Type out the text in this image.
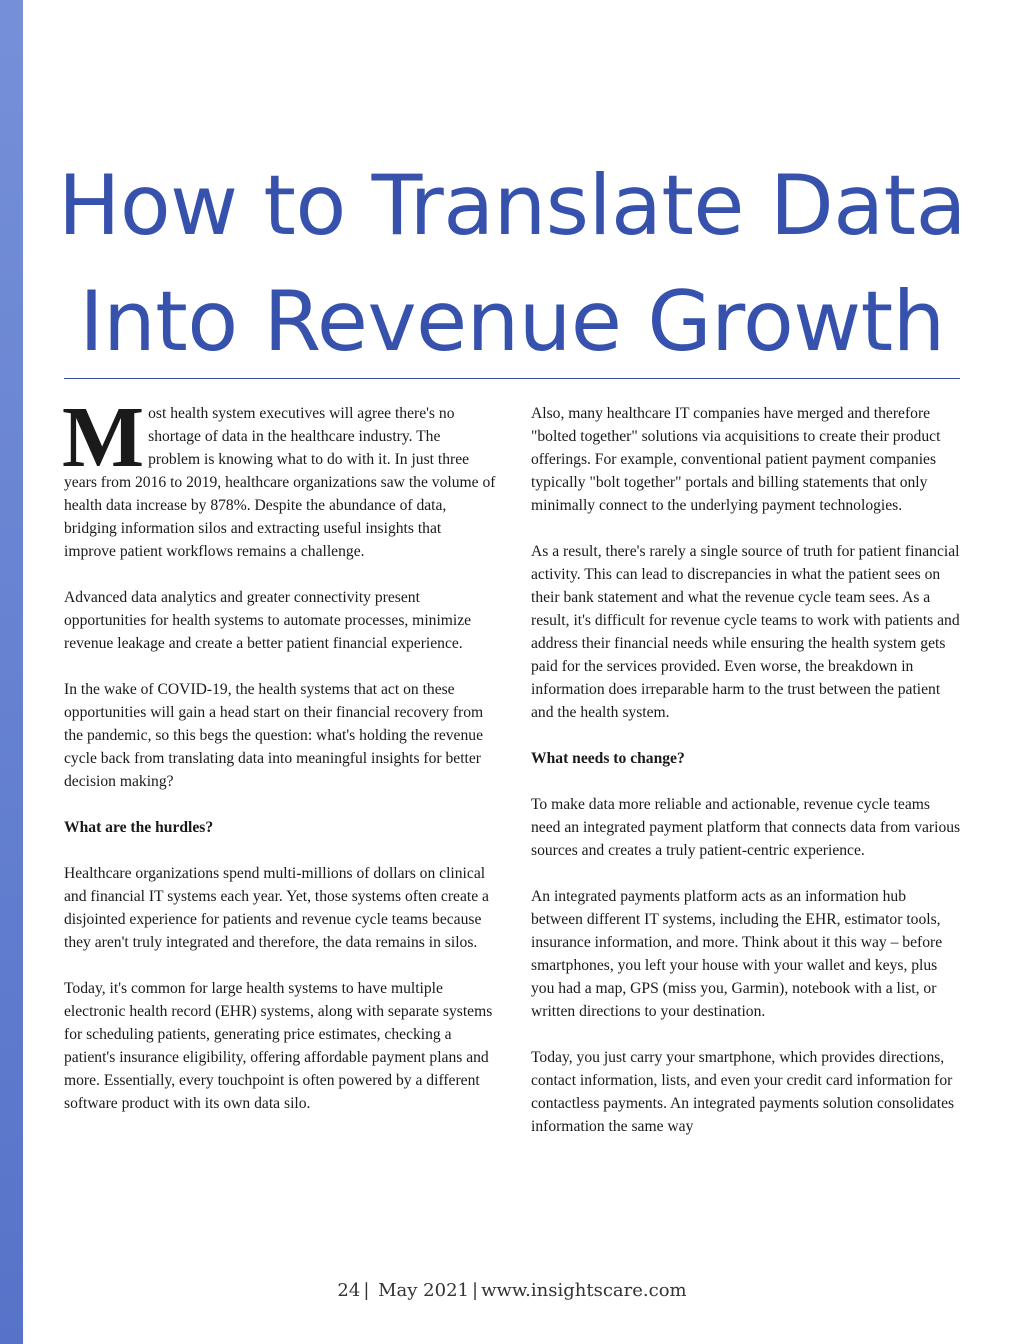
How to Translate Data
Into Revenue Growth

Most health system executives will agree there's no shortage of data in the healthcare industry. The problem is knowing what to do with it. In just three years from 2016 to 2019, healthcare organizations saw the volume of health data increase by 878%. Despite the abundance of data, bridging information silos and extracting useful insights that improve patient workflows remains a challenge.

Advanced data analytics and greater connectivity present opportunities for health systems to automate processes, minimize revenue leakage and create a better patient financial experience.

In the wake of COVID-19, the health systems that act on these opportunities will gain a head start on their financial recovery from the pandemic, so this begs the question: what's holding the revenue cycle back from translating data into meaningful insights for better decision making?

What are the hurdles?

Healthcare organizations spend multi-millions of dollars on clinical and financial IT systems each year. Yet, those systems often create a disjointed experience for patients and revenue cycle teams because they aren't truly integrated and therefore, the data remains in silos.

Today, it's common for large health systems to have multiple electronic health record (EHR) systems, along with separate systems for scheduling patients, generating price estimates, checking a patient's insurance eligibility, offering affordable payment plans and more. Essentially, every touchpoint is often powered by a different software product with its own data silo.

Also, many healthcare IT companies have merged and therefore "bolted together" solutions via acquisitions to create their product offerings. For example, conventional patient payment companies typically "bolt together" portals and billing statements that only minimally connect to the underlying payment technologies.

As a result, there's rarely a single source of truth for patient financial activity. This can lead to discrepancies in what the patient sees on their bank statement and what the revenue cycle team sees. As a result, it's difficult for revenue cycle teams to work with patients and address their financial needs while ensuring the health system gets paid for the services provided. Even worse, the breakdown in information does irreparable harm to the trust between the patient and the health system.

What needs to change?

To make data more reliable and actionable, revenue cycle teams need an integrated payment platform that connects data from various sources and creates a truly patient-centric experience.

An integrated payments platform acts as an information hub between different IT systems, including the EHR, estimator tools, insurance information, and more. Think about it this way – before smartphones, you left your house with your wallet and keys, plus you had a map, GPS (miss you, Garmin), notebook with a list, or written directions to your destination.

Today, you just carry your smartphone, which provides directions, contact information, lists, and even your credit card information for contactless payments. An integrated payments solution consolidates information the same way

24 | May 2021 | www.insightscare.com
